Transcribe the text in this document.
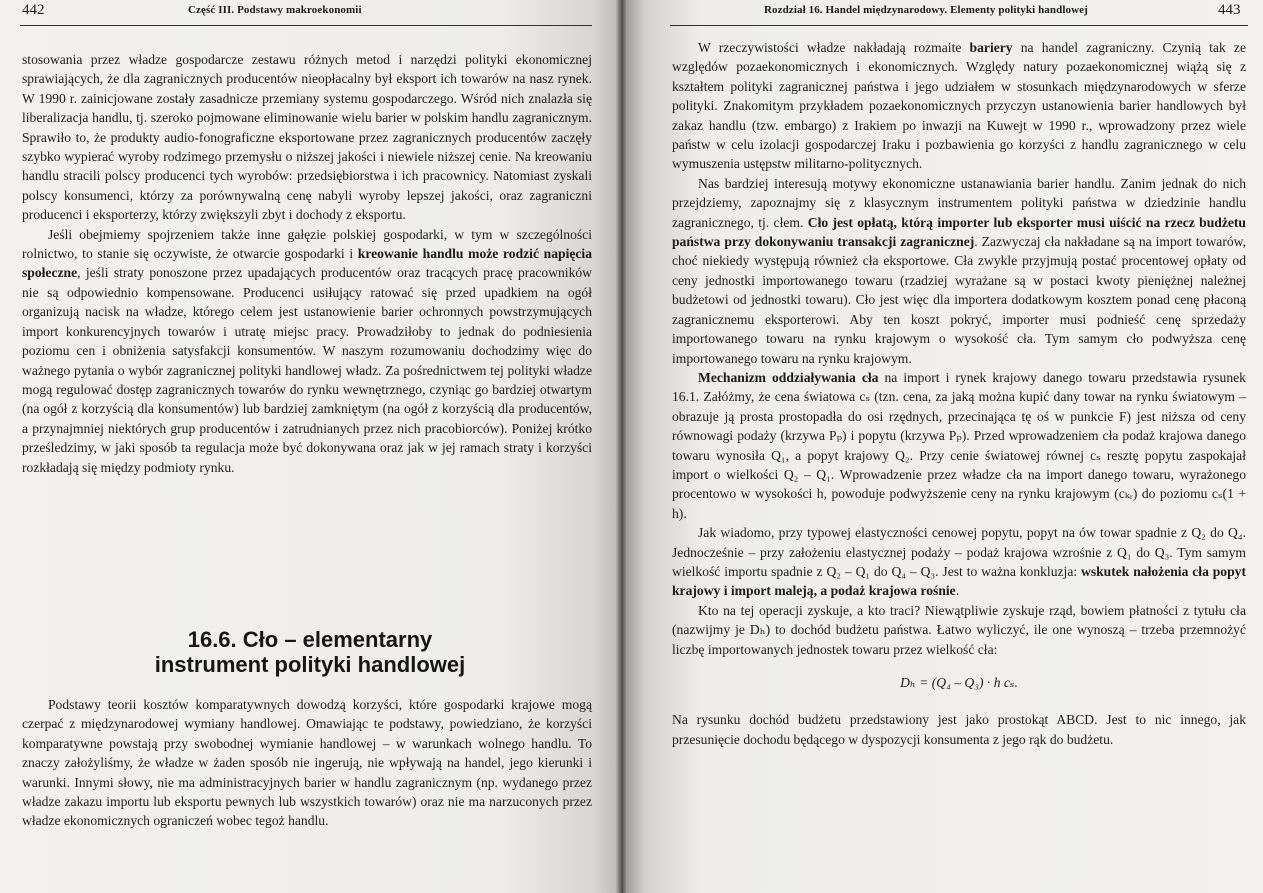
442	Część III. Podstawy makroekonomii

stosowania przez władze gospodarcze zestawu różnych metod i narzędzi polityki ekonomicznej sprawiających, że dla zagranicznych producentów nieopłacalny był eksport ich towarów na nasz rynek. W 1990 r. zainicjowane zostały zasadnicze przemiany systemu gospodarczego. Wśród nich znalazła się liberalizacja handlu, tj. szeroko pojmowane eliminowanie wielu barier w polskim handlu zagranicznym. Sprawiło to, że produkty audio-fonograficzne eksportowane przez zagranicznych producentów zaczęły szybko wypierać wyroby rodzimego przemysłu o niższej jakości i niewiele niższej cenie. Na kreowaniu handlu stracili polscy producenci tych wyrobów: przedsiębiorstwa i ich pracownicy. Natomiast zyskali polscy konsumenci, którzy za porównywalną cenę nabyli wyroby lepszej jakości, oraz zagraniczni producenci i eksporterzy, którzy zwiększyli zbyt i dochody z eksportu.

Jeśli obejmiemy spojrzeniem także inne gałęzie polskiej gospodarki, w tym w szczególności rolnictwo, to stanie się oczywiste, że otwarcie gospodarki i kreowanie handlu może rodzić napięcia społeczne, jeśli straty ponoszone przez upadających producentów oraz tracących pracę pracowników nie są odpowiednio kompensowane. Producenci usiłujący ratować się przed upadkiem na ogół organizują nacisk na władze, którego celem jest ustanowienie barier ochronnych powstrzymujących import konkurencyjnych towarów i utratę miejsc pracy. Prowadziłoby to jednak do podniesienia poziomu cen i obniżenia satysfakcji konsumentów. W naszym rozumowaniu dochodzimy więc do ważnego pytania o wybór zagranicznej polityki handlowej władz. Za pośrednictwem tej polityki władze mogą regulować dostęp zagranicznych towarów do rynku wewnętrznego, czyniąc go bardziej otwartym (na ogół z korzyścią dla konsumentów) lub bardziej zamkniętym (na ogół z korzyścią dla producentów, a przynajmniej niektórych grup producentów i zatrudnianych przez nich pracobiorców). Poniżej krótko prześledzimy, w jaki sposób ta regulacja może być dokonywana oraz jak w jej ramach straty i korzyści rozkładają się między podmioty rynku.

16.6. Cło – elementarny
instrument polityki handlowej

Podstawy teorii kosztów komparatywnych dowodzą korzyści, które gospodarki krajowe mogą czerpać z międzynarodowej wymiany handlowej. Omawiając te podstawy, powiedziano, że korzyści komparatywne powstają przy swobodnej wymianie handlowej – w warunkach wolnego handlu. To znaczy założyliśmy, że władze w żaden sposób nie ingerują, nie wpływają na handel, jego kierunki i warunki. Innymi słowy, nie ma administracyjnych barier w handlu zagranicznym (np. wydanego przez władze zakazu importu lub eksportu pewnych lub wszystkich towarów) oraz nie ma narzuconych przez władze ekonomicznych ograniczeń wobec tegoż handlu.

Rozdział 16. Handel międzynarodowy. Elementy polityki handlowej	443

W rzeczywistości władze nakładają rozmaite bariery na handel zagraniczny. Czynią tak ze względów pozaekonomicznych i ekonomicznych. Względy natury pozaekonomicznej wiążą się z kształtem polityki zagranicznej państwa i jego udziałem w stosunkach międzynarodowych w sferze polityki. Znakomitym przykładem pozaekonomicznych przyczyn ustanowienia barier handlowych był zakaz handlu (tzw. embargo) z Irakiem po inwazji na Kuwejt w 1990 r., wprowadzony przez wiele państw w celu izolacji gospodarczej Iraku i pozbawienia go korzyści z handlu zagranicznego w celu wymuszenia ustępstw militarno-politycznych.

Nas bardziej interesują motywy ekonomiczne ustanawiania barier handlu. Zanim jednak do nich przejdziemy, zapoznajmy się z klasycznym instrumentem polityki państwa w dziedzinie handlu zagranicznego, tj. cłem. Cło jest opłatą, którą importer lub eksporter musi uiścić na rzecz budżetu państwa przy dokonywaniu transakcji zagranicznej. Zazwyczaj cła nakładane są na import towarów, choć niekiedy występują również cła eksportowe. Cła zwykle przyjmują postać procentowej opłaty od ceny jednostki importowanego towaru (rzadziej wyrażane są w postaci kwoty pieniężnej należnej budżetowi od jednostki towaru). Cło jest więc dla importera dodatkowym kosztem ponad cenę płaconą zagranicznemu eksporterowi. Aby ten koszt pokryć, importer musi podnieść cenę sprzedaży importowanego towaru na rynku krajowym o wysokość cła. Tym samym cło podwyższa cenę importowanego towaru na rynku krajowym.

Mechanizm oddziaływania cła na import i rynek krajowy danego towaru przedstawia rysunek 16.1. Załóżmy, że cena światowa cₛ (tzn. cena, za jaką można kupić dany towar na rynku światowym – obrazuje ją prosta prostopadła do osi rzędnych, przecinająca tę oś w punkcie F) jest niższa od ceny równowagi podaży (krzywa Pₚ) i popytu (krzywa Pₚ). Przed wprowadzeniem cła podaż krajowa danego towaru wynosiła Q₁, a popyt krajowy Q₂. Przy cenie światowej równej cₛ resztę popytu zaspokajał import o wielkości Q₂ – Q₁. Wprowadzenie przez władze cła na import danego towaru, wyrażonego procentowo w wysokości h, powoduje podwyższenie ceny na rynku krajowym (cₖᵣ) do poziomu cₛ(1 + h).

Jak wiadomo, przy typowej elastyczności cenowej popytu, popyt na ów towar spadnie z Q₂ do Q₄. Jednocześnie – przy założeniu elastycznej podaży – podaż krajowa wzrośnie z Q₁ do Q₃. Tym samym wielkość importu spadnie z Q₂ – Q₁ do Q₄ – Q₃. Jest to ważna konkluzja: wskutek nałożenia cła popyt krajowy i import maleją, a podaż krajowa rośnie.

Kto na tej operacji zyskuje, a kto traci? Niewątpliwie zyskuje rząd, bowiem płatności z tytułu cła (nazwijmy je Dₕ) to dochód budżetu państwa. Łatwo wyliczyć, ile one wynoszą – trzeba przemnożyć liczbę importowanych jednostek towaru przez wielkość cła:

Dₕ = (Q₄ – Q₃) · h cₛ.

Na rysunku dochód budżetu przedstawiony jest jako prostokąt ABCD. Jest to nic innego, jak przesunięcie dochodu będącego w dyspozycji konsumenta z jego rąk do budżetu.
